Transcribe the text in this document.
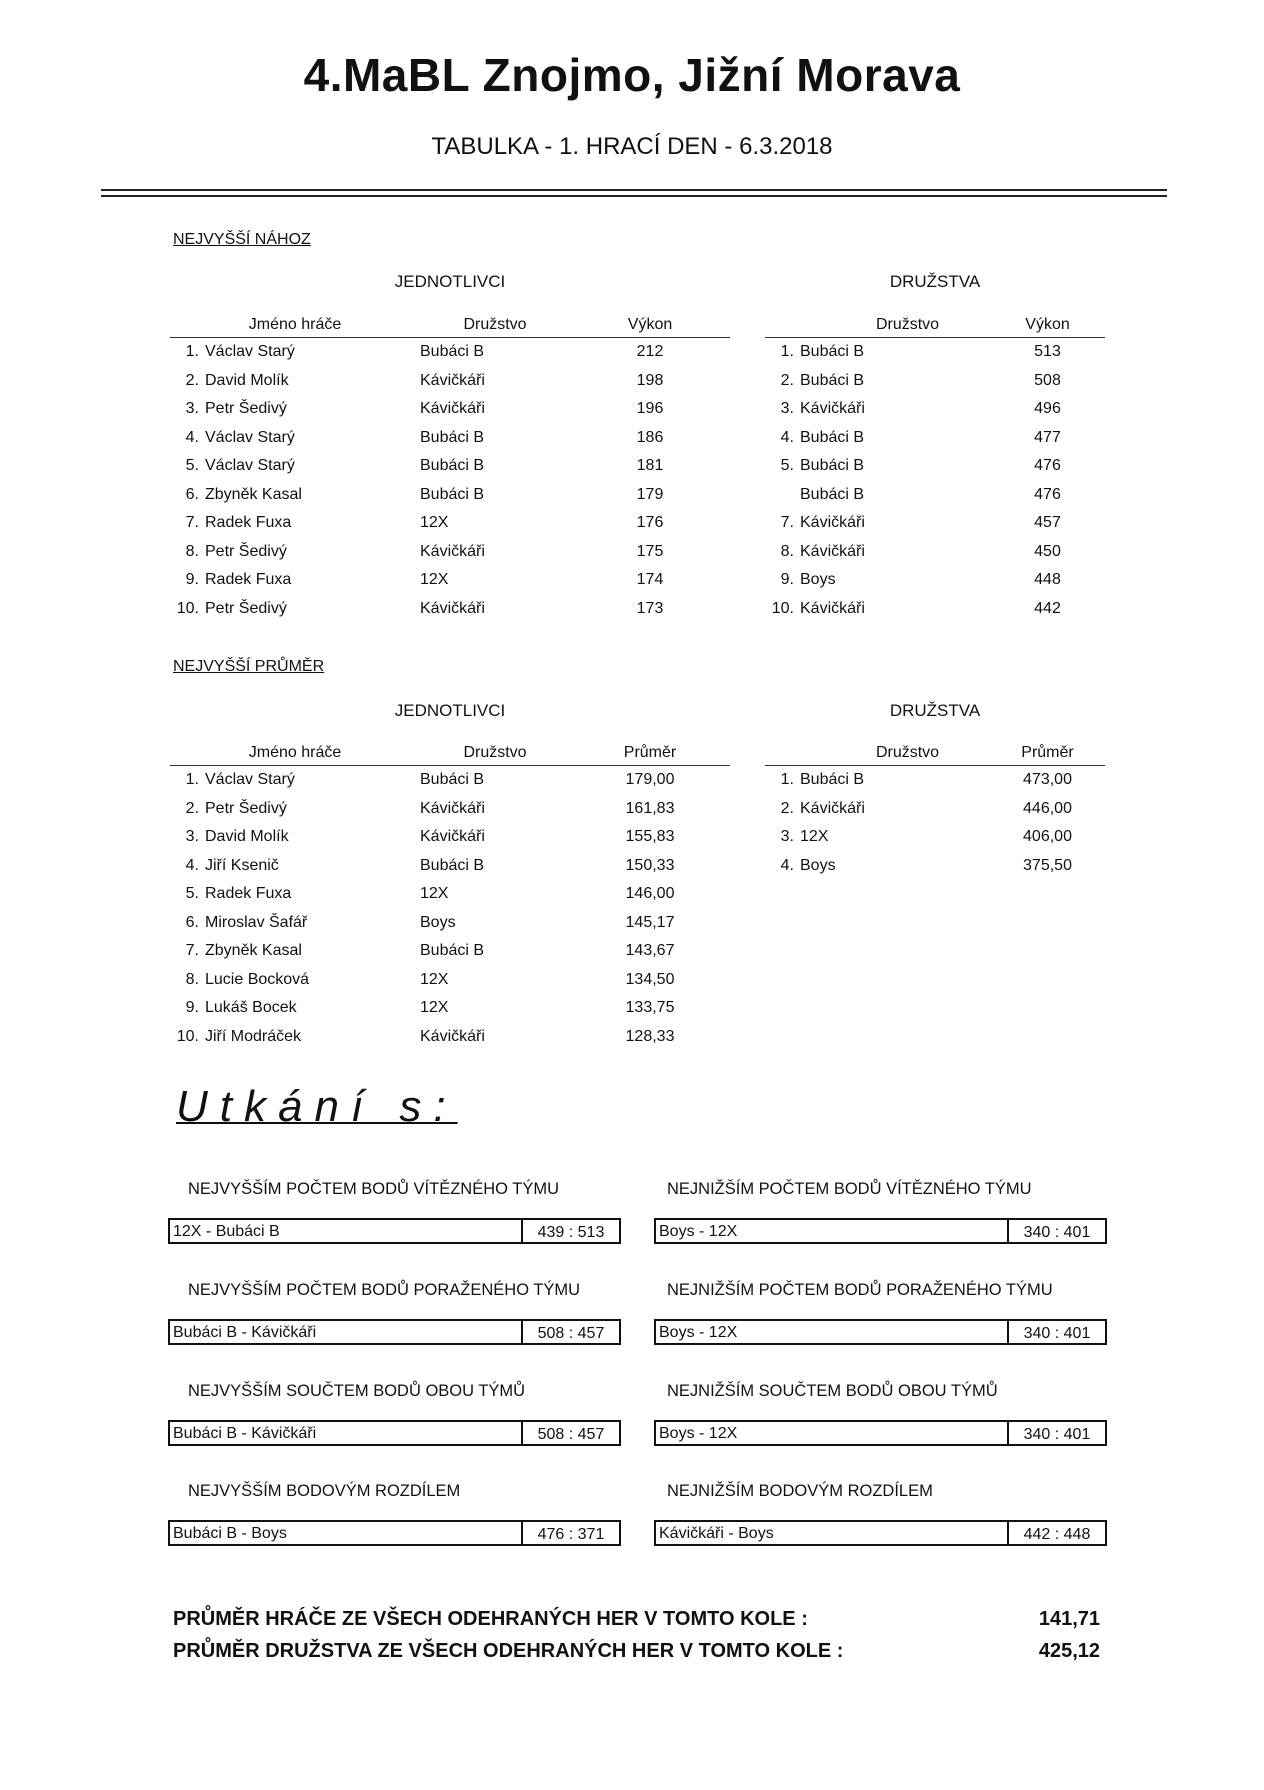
4.MaBL Znojmo, Jižní Morava
TABULKA - 1. HRACÍ DEN - 6.3.2018
NEJVYŠŠÍ NÁHOZ
JEDNOTLIVCI	DRUŽSTVA
Jméno hráče		Družstvo	Výkon
1.	Václav Starý	Bubáci B	212
2.	David Molík	Kávičkáři	198
3.	Petr Šedivý	Kávičkáři	196
4.	Václav Starý	Bubáci B	186
5.	Václav Starý	Bubáci B	181
6.	Zbyněk Kasal	Bubáci B	179
7.	Radek Fuxa	12X	176
8.	Petr Šedivý	Kávičkáři	175
9.	Radek Fuxa	12X	174
10.	Petr Šedivý	Kávičkáři	173
Družstvo		Výkon
1.	Bubáci B	513
2.	Bubáci B	508
3.	Kávičkáři	496
4.	Bubáci B	477
5.	Bubáci B	476
	Bubáci B	476
7.	Kávičkáři	457
8.	Kávičkáři	450
9.	Boys	448
10.	Kávičkáři	442
NEJVYŠŠÍ PRŮMĚR
JEDNOTLIVCI	DRUŽSTVA
Jméno hráče		Družstvo	Průměr
1.	Václav Starý	Bubáci B	179,00
2.	Petr Šedivý	Kávičkáři	161,83
3.	David Molík	Kávičkáři	155,83
4.	Jiří Ksenič	Bubáci B	150,33
5.	Radek Fuxa	12X	146,00
6.	Miroslav Šafář	Boys	145,17
7.	Zbyněk Kasal	Bubáci B	143,67
8.	Lucie Bocková	12X	134,50
9.	Lukáš Bocek	12X	133,75
10.	Jiří Modráček	Kávičkáři	128,33
Družstvo		Průměr
1.	Bubáci B	473,00
2.	Kávičkáři	446,00
3.	12X	406,00
4.	Boys	375,50
Utkání s:
NEJVYŠŠÍM POČTEM BODŮ VÍTĚZNÉHO TÝMU
12X - Bubáci B	439 : 513
NEJNIŽŠÍM POČTEM BODŮ VÍTĚZNÉHO TÝMU
Boys - 12X	340 : 401
NEJVYŠŠÍM POČTEM BODŮ PORAŽENÉHO TÝMU
Bubáci B - Kávičkáři	508 : 457
NEJNIŽŠÍM POČTEM BODŮ PORAŽENÉHO TÝMU
Boys - 12X	340 : 401
NEJVYŠŠÍM SOUČTEM BODŮ OBOU TÝMŮ
Bubáci B - Kávičkáři	508 : 457
NEJNIŽŠÍM SOUČTEM BODŮ OBOU TÝMŮ
Boys - 12X	340 : 401
NEJVYŠŠÍM BODOVÝM ROZDÍLEM
Bubáci B - Boys	476 : 371
NEJNIŽŠÍM BODOVÝM ROZDÍLEM
Kávičkáři - Boys	442 : 448
PRŮMĚR HRÁČE ZE VŠECH ODEHRANÝCH HER V TOMTO KOLE :	141,71
PRŮMĚR DRUŽSTVA ZE VŠECH ODEHRANÝCH HER V TOMTO KOLE :	425,12
